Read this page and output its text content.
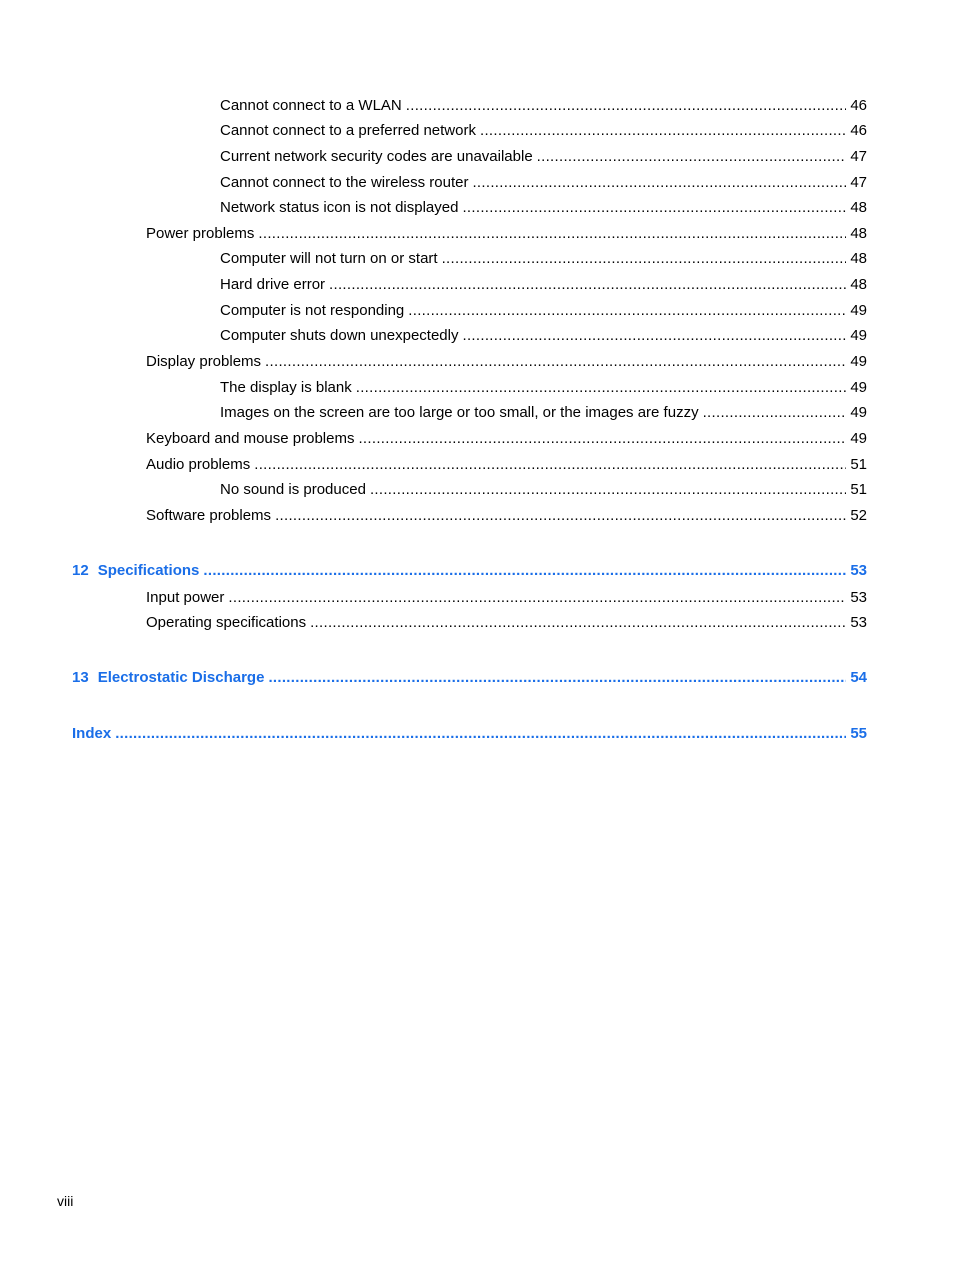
Cannot connect to a WLAN .....	46
Cannot connect to a preferred network .....	46
Current network security codes are unavailable .....	47
Cannot connect to the wireless router .....	47
Network status icon is not displayed .....	48
Power problems .....	48
Computer will not turn on or start .....	48
Hard drive error .....	48
Computer is not responding .....	49
Computer shuts down unexpectedly .....	49
Display problems .....	49
The display is blank .....	49
Images on the screen are too large or too small, or the images are fuzzy .....	49
Keyboard and mouse problems .....	49
Audio problems .....	51
No sound is produced .....	51
Software problems .....	52
12 Specifications .....	53
Input power .....	53
Operating specifications .....	53
13 Electrostatic Discharge .....	54
Index .....	55
viii
